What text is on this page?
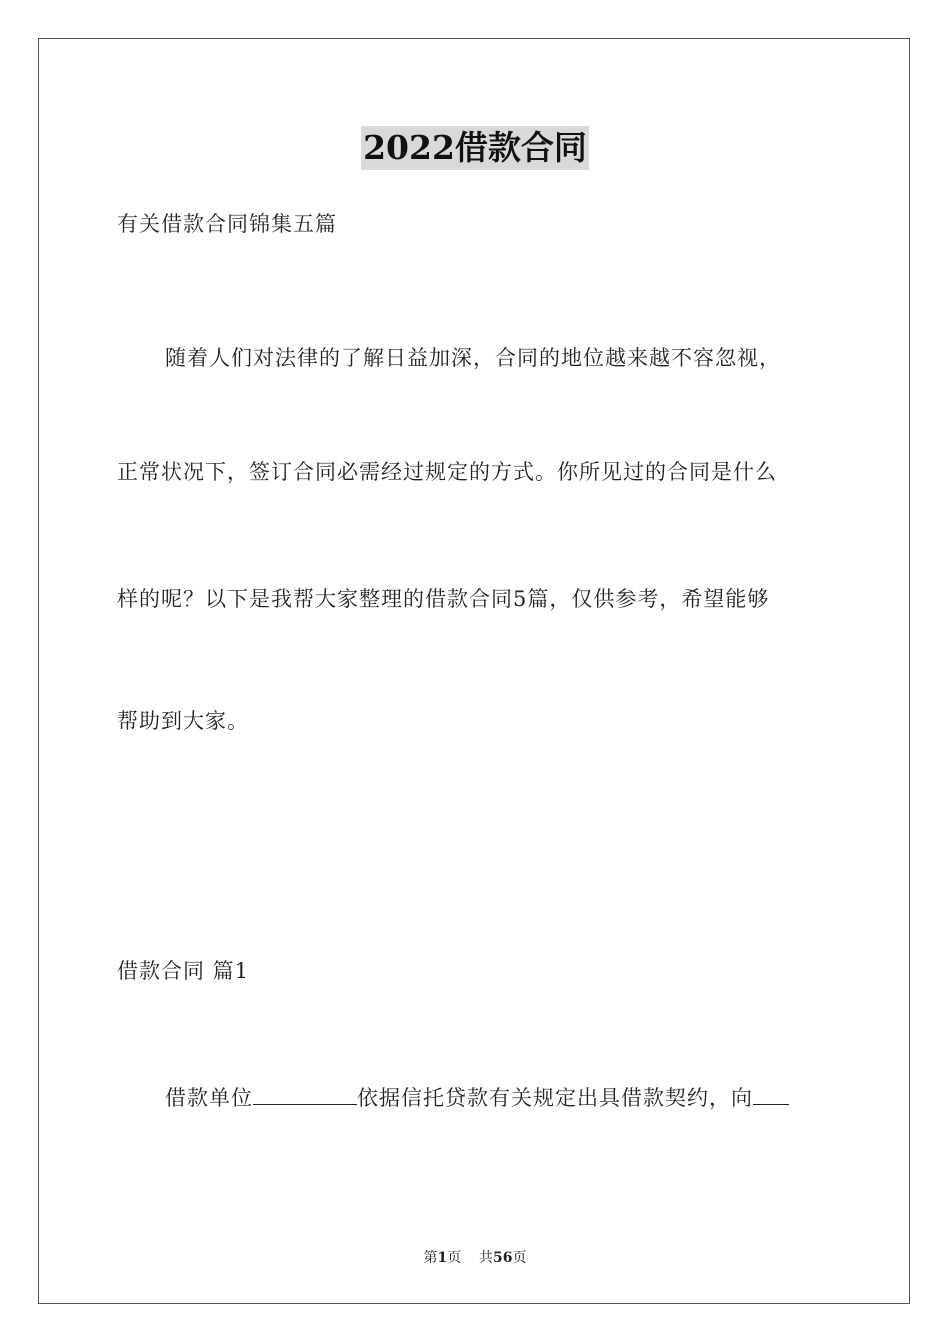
2022借款合同
有关借款合同锦集五篇
随着人们对法律的了解日益加深，合同的地位越来越不容忽视，
正常状况下，签订合同必需经过规定的方式。你所见过的合同是什么
样的呢？以下是我帮大家整理的借款合同5篇，仅供参考，希望能够
帮助到大家。
借款合同 篇1
借款单位	依据信托贷款有关规定出具借款契约，向
第1页 共56页
